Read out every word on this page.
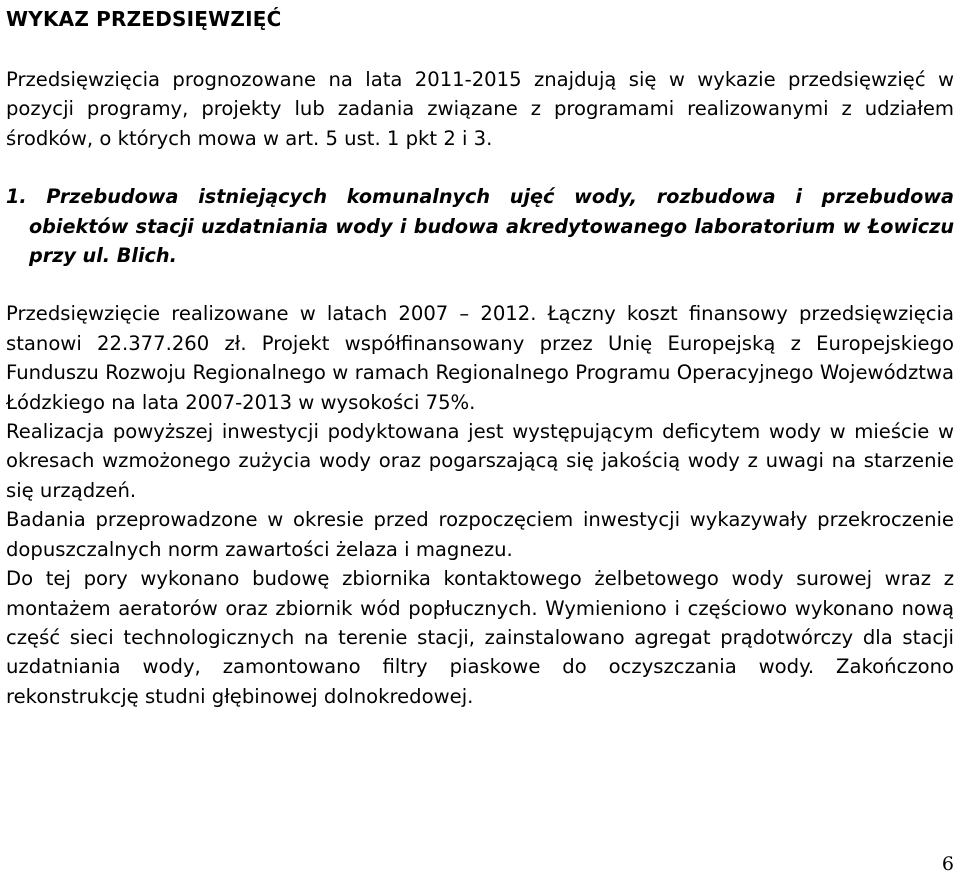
WYKAZ PRZEDSIĘWZIĘĆ

Przedsięwzięcia prognozowane na lata 2011-2015 znajdują się w wykazie przedsięwzięć w pozycji programy, projekty lub zadania związane z programami realizowanymi z udziałem środków, o których mowa w art. 5 ust. 1 pkt 2 i 3.

1. Przebudowa istniejących komunalnych ujęć wody, rozbudowa i przebudowa obiektów stacji uzdatniania wody i budowa akredytowanego laboratorium w Łowiczu przy ul. Blich.

Przedsięwzięcie realizowane w latach 2007 – 2012. Łączny koszt finansowy przedsięwzięcia stanowi 22.377.260 zł. Projekt współfinansowany przez Unię Europejską z Europejskiego Funduszu Rozwoju Regionalnego w ramach Regionalnego Programu Operacyjnego Województwa Łódzkiego na lata 2007-2013 w wysokości 75%.

Realizacja powyższej inwestycji podyktowana jest występującym deficytem wody w mieście w okresach wzmożonego zużycia wody oraz pogarszającą się jakością wody z uwagi na starzenie się urządzeń.

Badania przeprowadzone w okresie przed rozpoczęciem inwestycji wykazywały przekroczenie dopuszczalnych norm zawartości żelaza i magnezu.

Do tej pory wykonano budowę zbiornika kontaktowego żelbetowego wody surowej wraz z montażem aeratorów oraz zbiornik wód popłucznych. Wymieniono i częściowo wykonano nową część sieci technologicznych na terenie stacji, zainstalowano agregat prądotwórczy dla stacji uzdatniania wody, zamontowano filtry piaskowe do oczyszczania wody. Zakończono rekonstrukcję studni głębinowej dolnokredowej.

6
